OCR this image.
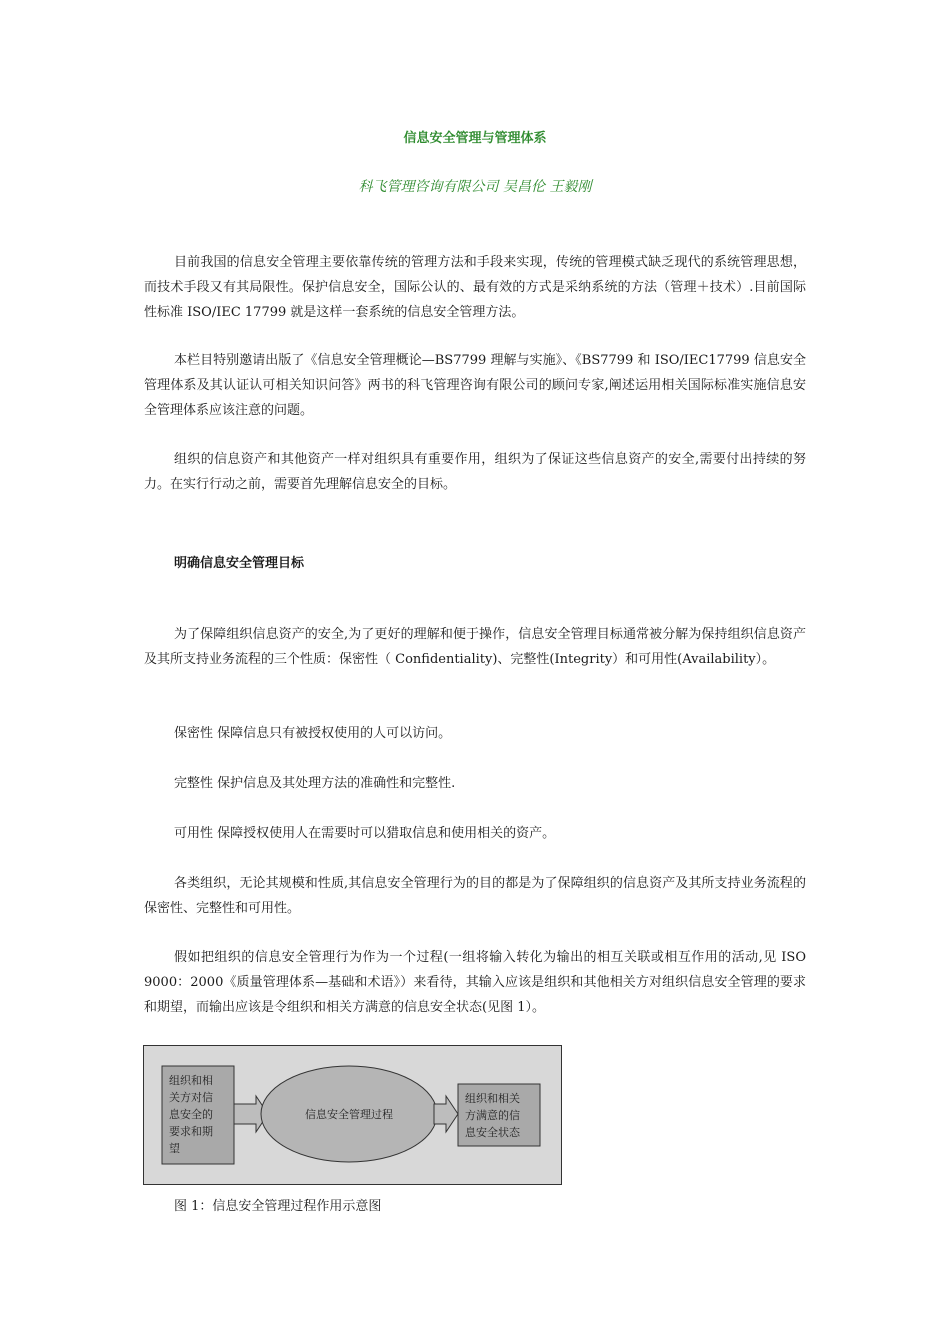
信息安全管理与管理体系
科飞管理咨询有限公司 吴昌伦 王毅刚

目前我国的信息安全管理主要依靠传统的管理方法和手段来实现，传统的管理模式缺乏现代的系统管理思想，而技术手段又有其局限性。保护信息安全，国际公认的、最有效的方式是采纳系统的方法（管理＋技术）.目前国际性标准 ISO/IEC 17799 就是这样一套系统的信息安全管理方法。

本栏目特别邀请出版了《信息安全管理概论—BS7799 理解与实施》、《BS7799 和 ISO/IEC17799 信息安全管理体系及其认证认可相关知识问答》两书的科飞管理咨询有限公司的顾问专家,阐述运用相关国际标准实施信息安全管理体系应该注意的问题。

组织的信息资产和其他资产一样对组织具有重要作用，组织为了保证这些信息资产的安全,需要付出持续的努力。在实行行动之前，需要首先理解信息安全的目标。

明确信息安全管理目标

为了保障组织信息资产的安全,为了更好的理解和便于操作，信息安全管理目标通常被分解为保持组织信息资产及其所支持业务流程的三个性质：保密性（ Confidentiality)、完整性(Integrity）和可用性(Availability）。

保密性 保障信息只有被授权使用的人可以访问。
完整性 保护信息及其处理方法的准确性和完整性.
可用性 保障授权使用人在需要时可以猎取信息和使用相关的资产。

各类组织，无论其规模和性质,其信息安全管理行为的目的都是为了保障组织的信息资产及其所支持业务流程的保密性、完整性和可用性。

假如把组织的信息安全管理行为作为一个过程(一组将输入转化为输出的相互关联或相互作用的活动,见 ISO 9000：2000《质量管理体系—基础和术语》）来看待，其输入应该是组织和其他相关方对组织信息安全管理的要求和期望，而输出应该是令组织和相关方满意的信息安全状态(见图 1）。

组织和相 关方对信 息安全的 要求和期 望
信息安全管理过程
组织和相关 方满意的信 息安全状态
图 1：信息安全管理过程作用示意图
